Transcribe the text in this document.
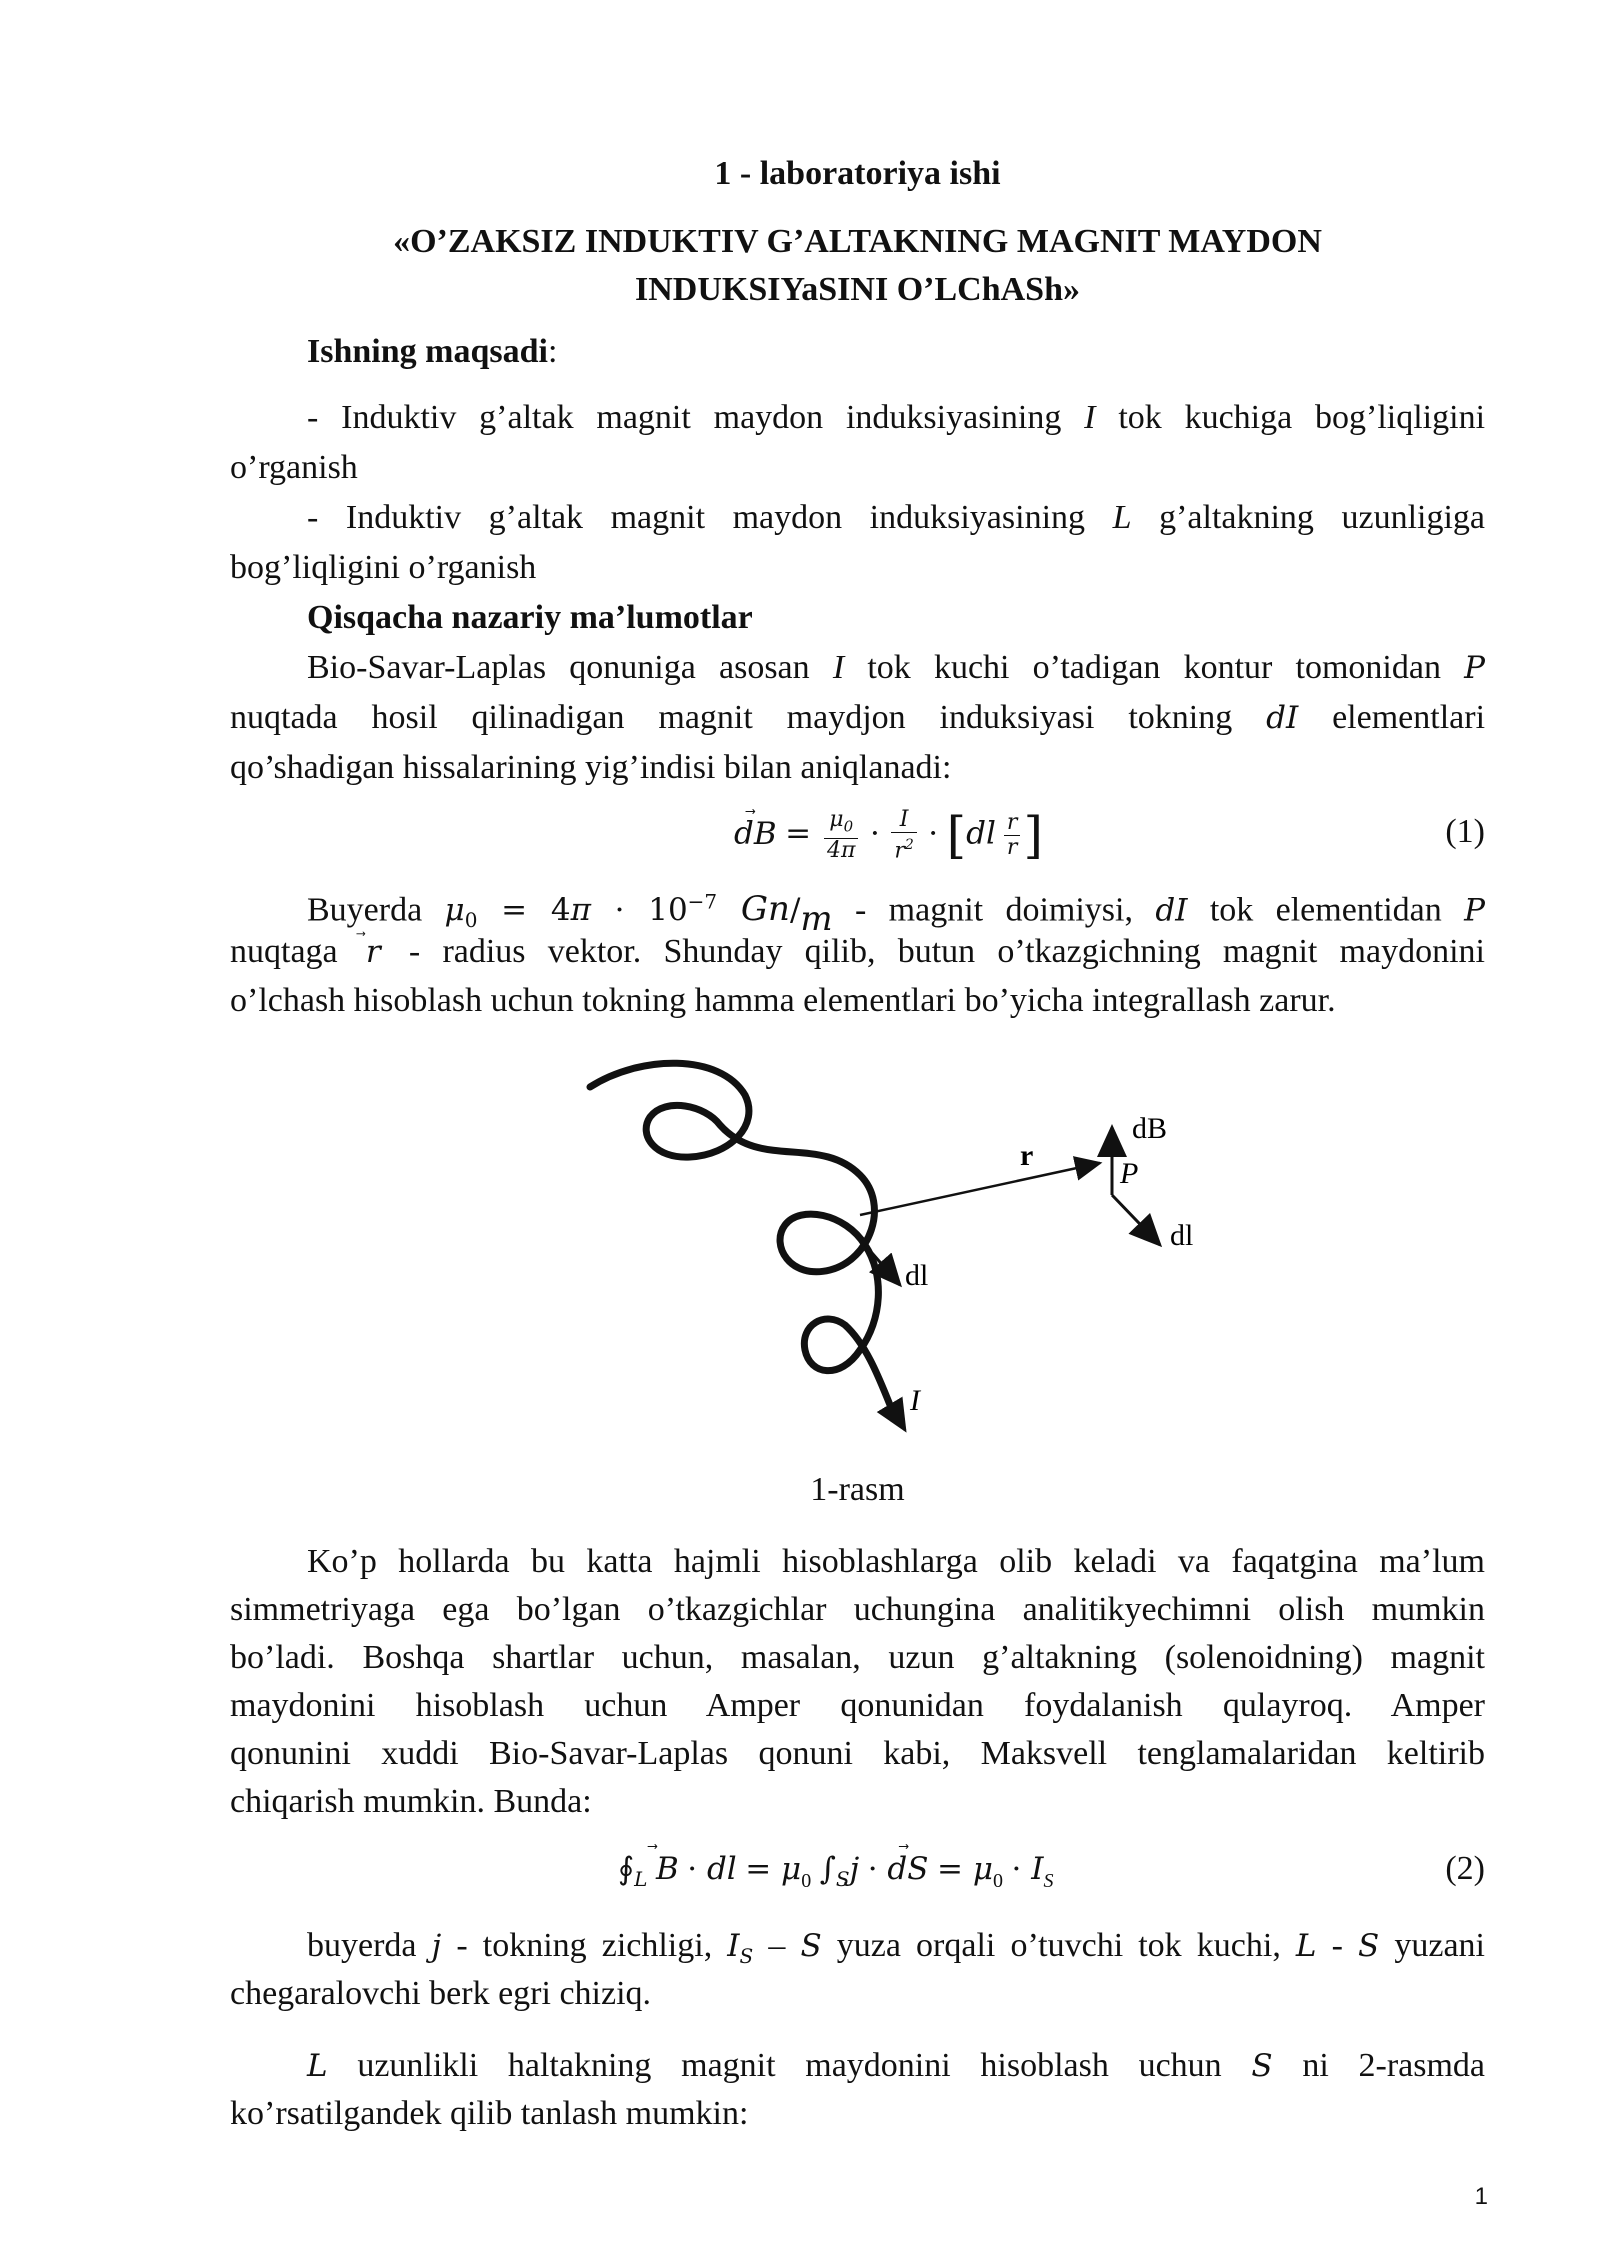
1 - laboratoriya ishi
«O’ZAKSIZ INDUKTIV G’ALTAKNING MAGNIT MAYDON
INDUKSIYaSINI O’LChASh»
Ishning maqsadi:
- Induktiv g’altak magnit maydon induksiyasining I tok kuchiga bog’liqligini
o’rganish
- Induktiv g’altak magnit maydon induksiyasining L g’altakning uzunligiga
bog’liqligini o’rganish
Qisqacha nazariy ma’lumotlar
Bio-Savar-Laplas qonuniga asosan I tok kuchi o’tadigan kontur tomonidan P
nuqtada hosil qilinadigan magnit maydjon induksiyasi tokning dI elementlari
qo’shadigan hissalarining yig’indisi bilan aniqlanadi:
dB
= $\frac{\mu_0}{4\pi} \cdot \frac{I}{r^2} \cdot [dl \frac{r}{r}$ ]	(1)
Buyerda $\mu_0 = 4\pi \cdot 10^{-7}$ Gn/m - magnit doimiysi, dI tok elementidan P
nuqtaga r - radius vektor. Shunday qilib, butun o’tkazgichning magnit maydonini
o’lchash hisoblash uchun tokning hamma elementlari bo’yicha integrallash zarur.
dB
P
r
dl
dl
I
1-rasm
Ko’p hollarda bu katta hajmli hisoblashlarga olib keladi va faqatgina ma’lum
simmetriyaga ega bo’lgan o’tkazgichlar uchungina analitikyechimni olish mumkin
bo’ladi. Boshqa shartlar uchun, masalan, uzun g’altakning (solenoidning) magnit
maydonini hisoblash uchun Amper qonunidan foydalanish qulayroq. Amper
qonunini xuddi Bio-Savar-Laplas qonuni kabi, Maksvell tenglamalaridan keltirib
chiqarish mumkin. Bunda:
$∮_L$ B
· dl = $\mu_0$ $\int_Sj$ · dS
= $\mu_0 \cdot I_S$	(2)
buyerda j - tokning zichligi, $I_S$ – S yuza orqali o’tuvchi tok kuchi, L - S yuzani
chegaralovchi berk egri chiziq.
L uzunlikli haltakning magnit maydonini hisoblash uchun S ni 2-rasmda
ko’rsatilgandek qilib tanlash mumkin:
1
